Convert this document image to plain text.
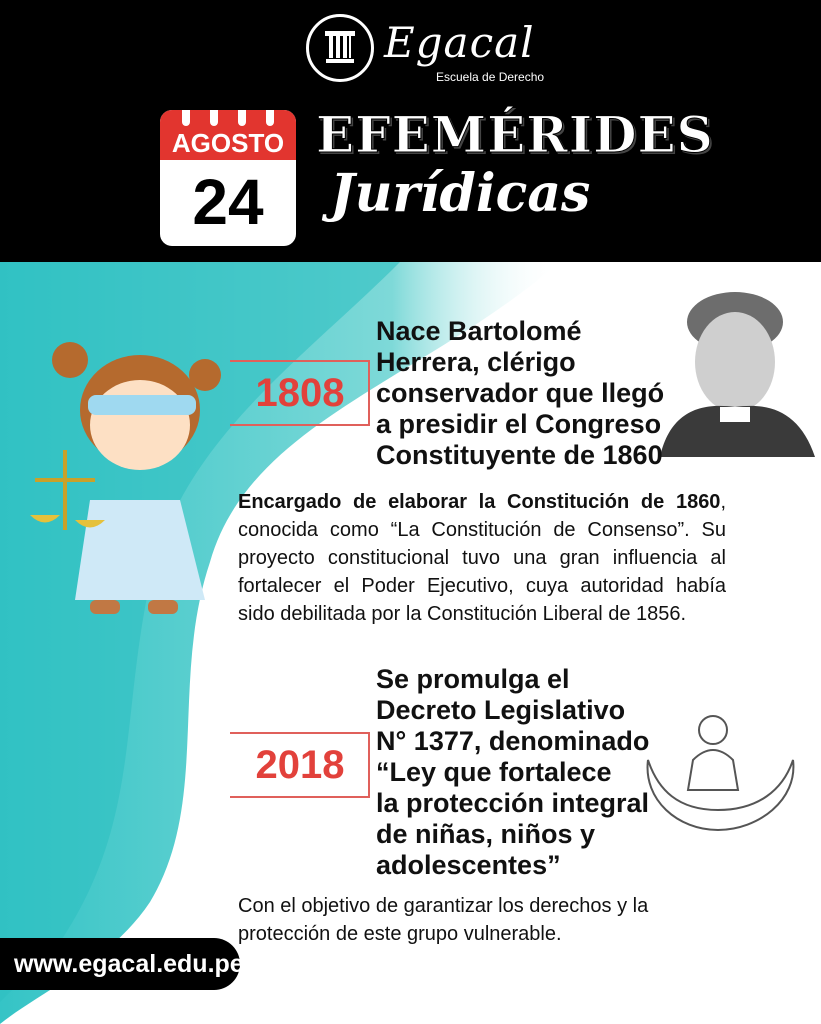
Egacal
Escuela de Derecho
AGOSTO
24
EFEMÉRIDES
Jurídicas
1808
Nace Bartolomé
Herrera, clérigo
conservador que llegó
a presidir el Congreso
Constituyente de 1860
Encargado de elaborar la Constitución de 1860, conocida como “La Constitución de Consenso”. Su proyecto constitucional tuvo una gran influencia al fortalecer el Poder Ejecutivo, cuya autoridad había sido debilitada por la Constitución Liberal de 1856.
2018
Se promulga el
Decreto Legislativo
N° 1377, denominado
“Ley que fortalece
la protección integral
de niñas, niños y
adolescentes”
Con el objetivo de garantizar los derechos y la protección de este grupo vulnerable.
www.egacal.edu.pe
